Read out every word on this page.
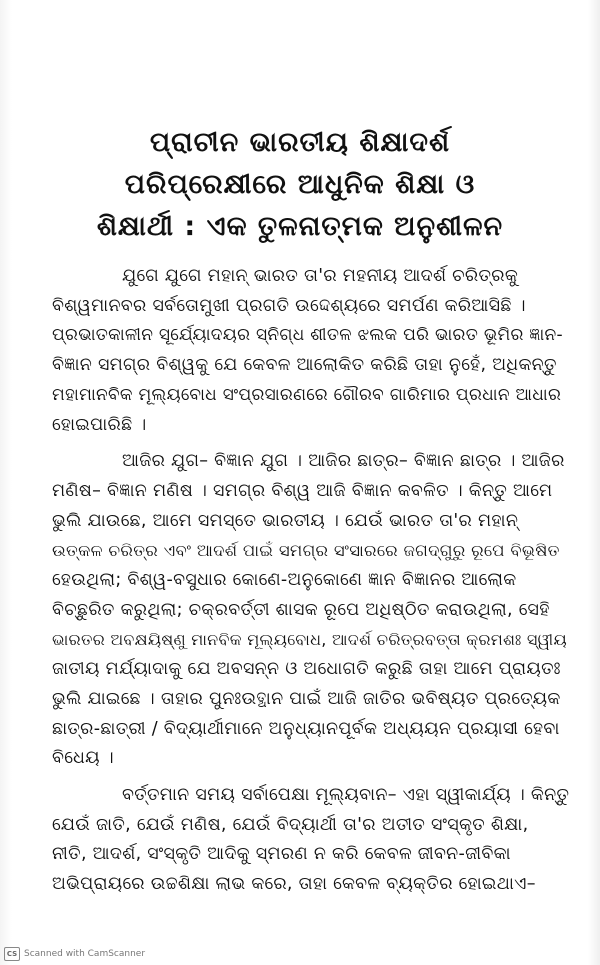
ପ୍ରାଚୀନ ଭାରତୀୟ ଶିକ୍ଷାଦର୍ଶ
ପରିପ୍ରେକ୍ଷୀରେ ଆଧୁନିକ ଶିକ୍ଷା ଓ
ଶିକ୍ଷାର୍ଥୀ : ଏକ ତୁଳନାତ୍ମକ ଅନୁଶୀଳନ
ଯୁଗେ ଯୁଗେ ମହାନ୍ ଭାରତ ତା'ର ମହନୀୟ ଆଦର୍ଶ ଚରିତ୍ରକୁ
ବିଶ୍ୱମାନବର ସର୍ବତୋମୁଖୀ ପ୍ରଗତି ଉଦ୍ଦେଶ୍ୟରେ ସମର୍ପଣ କରିଆସିଛି ।
ପ୍ରଭାତକାଳୀନ ସୂର୍ଯ୍ୟୋଦୟର ସ୍ନିଗ୍ଧ ଶୀତଳ ଝଲକ ପରି ଭାରତ ଭୂମିର ଜ୍ଞାନ-
ବିଜ୍ଞାନ ସମଗ୍ର ବିଶ୍ୱକୁ ଯେ କେବଳ ଆଲୋକିତ କରିଛି ତାହା ନୁହେଁ, ଅଧିକନ୍ତୁ
ମହାମାନବିକ ମୂଲ୍ୟବୋଧ ସଂପ୍ରସାରଣରେ ଗୌରବ ଗାରିମାର ପ୍ରଧାନ ଆଧାର
ହୋଇପାରିଛି ।
ଆଜିର ଯୁଗ– ବିଜ୍ଞାନ ଯୁଗ । ଆଜିର ଛାତ୍ର– ବିଜ୍ଞାନ ଛାତ୍ର । ଆଜିର
ମଣିଷ– ବିଜ୍ଞାନ ମଣିଷ । ସମଗ୍ର ବିଶ୍ୱ ଆଜି ବିଜ୍ଞାନ କବଳିତ । କିନ୍ତୁ ଆମେ
ଭୁଲି ଯାଉଛେ, ଆମେ ସମସ୍ତେ ଭାରତୀୟ । ଯେଉଁ ଭାରତ ତା'ର ମହାନ୍
ଉତ୍କଳ ଚରିତ୍ର ଏବଂ ଆଦର୍ଶ ପାଇଁ ସମଗ୍ର ସଂସାରରେ ଜଗଦ୍‌ଗୁରୁ ରୂପେ ବିଭୂଷିତ
ହେଉଥିଲା; ବିଶ୍ୱ-ବସୁଧାର କୋଣେ-ଅନୁକୋଣେ ଜ୍ଞାନ ବିଜ୍ଞାନର ଆଲୋକ
ବିଚ୍ଛୁରିତ କରୁଥିଲା; ଚକ୍ରବର୍ତ୍ତୀ ଶାସକ ରୂପେ ଅଧିଷ୍ଠିତ କରାଉଥିଲା, ସେହି
ଭାରତର ଅବକ୍ଷୟିଷ୍ଣୁ ମାନବିକ ମୂଲ୍ୟବୋଧ, ଆଦର୍ଶ ଚରିତ୍ରବତ୍ତା କ୍ରମଶଃ ସ୍ୱୀୟ
ଜାତୀୟ ମର୍ଯ୍ୟାଦାକୁ ଯେ ଅବସନ୍ନ ଓ ଅଧୋଗତି କରୁଛି ତାହା ଆମେ ପ୍ରାୟତଃ
ଭୁଲି ଯାଇଛେ । ତାହାର ପୁନଃଉତ୍ଥାନ ପାଇଁ ଆଜି ଜାତିର ଭବିଷ୍ୟତ ପ୍ରତ୍ୟେକ
ଛାତ୍ର-ଛାତ୍ରୀ / ବିଦ୍ୟାର୍ଥୀମାନେ ଅନୁଧ୍ୟାନପୂର୍ବକ ଅଧ୍ୟୟନ ପ୍ରୟାସୀ ହେବା
ବିଧେୟ ।
ବର୍ତ୍ତମାନ ସମୟ ସର୍ବାପେକ୍ଷା ମୂଲ୍ୟବାନ– ଏହା ସ୍ୱୀକାର୍ଯ୍ୟ । କିନ୍ତୁ
ଯେଉଁ ଜାତି, ଯେଉଁ ମଣିଷ, ଯେଉଁ ବିଦ୍ୟାର୍ଥୀ ତା'ର ଅତୀତ ସଂସ୍କୃତ ଶିକ୍ଷା,
ନୀତି, ଆଦର୍ଶ, ସଂସ୍କୃତି ଆଦିକୁ ସ୍ମରଣ ନ କରି କେବଳ ଜୀବନ-ଜୀବିକା
ଅଭିପ୍ରାୟରେ ଉଚ୍ଚଶିକ୍ଷା ଲାଭ କରେ, ତାହା କେବଳ ବ୍ୟକ୍ତିର ହୋଇଥାଏ–
CS Scanned with CamScanner
